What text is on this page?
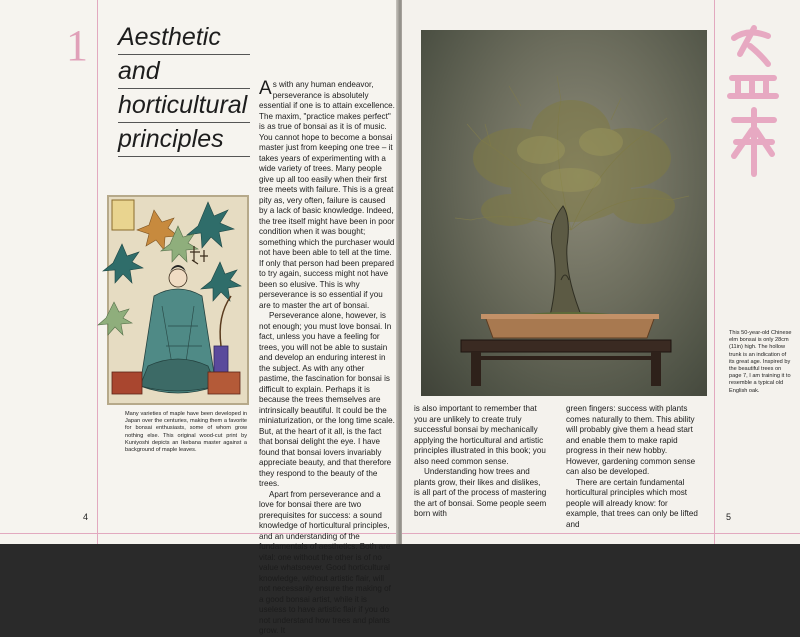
1 Aesthetic
and
horticultural
principles
Many varieties of maple have been developed in Japan over the centuries, making them a favorite for bonsai enthusiasts, some of whom grow nothing else. This original wood-cut print by Kuniyoshi depicts an Ikebana master against a background of maple leaves.

As with any human endeavor, perseverance is absolutely essential if one is to attain excellence. The maxim, "practice makes perfect" is as true of bonsai as it is of music. You cannot hope to become a bonsai master just from keeping one tree – it takes years of experimenting with a wide variety of trees. Many people give up all too easily when their first tree meets with failure. This is a great pity as, very often, failure is caused by a lack of basic knowledge. Indeed, the tree itself might have been in poor condition when it was bought; something which the purchaser would not have been able to tell at the time. If only that person had been prepared to try again, success might not have been so elusive. This is why perseverance is so essential if you are to master the art of bonsai.

Perseverance alone, however, is not enough; you must love bonsai. In fact, unless you have a feeling for trees, you will not be able to sustain and develop an enduring interest in the subject. As with any other pastime, the fascination for bonsai is difficult to explain. Perhaps it is because the trees themselves are intrinsically beautiful. It could be the miniaturization, or the long time scale. But, at the heart of it all, is the fact that bonsai delight the eye. I have found that bonsai lovers invariably appreciate beauty, and that therefore they respond to the beauty of the trees.

Apart from perseverance and a love for bonsai there are two prerequisites for success: a sound knowledge of horticultural principles, and an understanding of the fundamentals of aesthetics. Both are vital: one without the other is of no value whatsoever. Good horticultural knowledge, without artistic flair, will not necessarily ensure the making of a good bonsai artist, while it is useless to have artistic flair if you do not understand how trees and plants grow. It

4
This 50-year-old Chinese elm bonsai is only 28cm (11in) high. The hollow trunk is an indication of its great age. Inspired by the beautiful trees on page 7, I am training it to resemble a typical old English oak.

is also important to remember that you are unlikely to create truly successful bonsai by mechanically applying the horticultural and artistic principles illustrated in this book; you also need common sense.

Understanding how trees and plants grow, their likes and dislikes, is all part of the process of mastering the art of bonsai. Some people seem born with

green fingers: success with plants comes naturally to them. This ability will probably give them a head start and enable them to make rapid progress in their new hobby. However, gardening common sense can also be developed.

There are certain fundamental horticultural principles which most people will already know: for example, that trees can only be lifted and

5
